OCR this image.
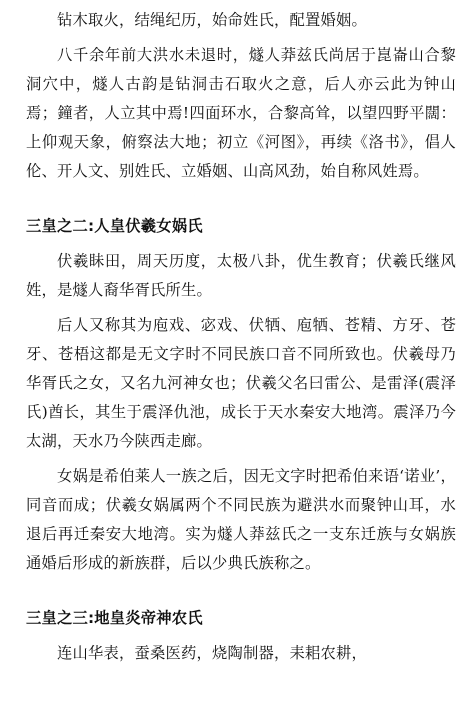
钻木取火，结绳纪历，始命姓氏，配置婚姻。

八千余年前大洪水未退时，燧人莽兹氏尚居于崑崙山合黎洞穴中，燧人古韵是钻洞击石取火之意，后人亦云此为钟山焉；鐘者，人立其中焉!四面环水，合黎高耸，以望四野平闊：上仰观天象，俯察法大地；初立《河图》，再续《洛书》，倡人伦、开人文、别姓氏、立婚姻、山高风劲，始自称风姓焉。

三皇之二:人皇伏羲女娲氏

伏羲眛田，周天历度，太极八卦，优生教育；伏羲氏继风姓，是燧人裔华胥氏所生。

后人又称其为庖戏、宓戏、伏牺、庖牺、苍精、方牙、苍牙、苍梧这都是无文字时不同民族口音不同所致也。伏羲母乃华胥氏之女，又名九河神女也；伏羲父名曰雷公、是雷泽(震泽氏)酋长，其生于震泽仇池，成长于天水秦安大地湾。震泽乃今太湖，天水乃今陕西走廊。

女娲是希伯莱人一族之后，因无文字时把希伯来语‘诺业’，同音而成；伏羲女娲属两个不同民族为避洪水而聚钟山耳，水退后再迁秦安大地湾。实为燧人莽兹氏之一支东迁族与女娲族通婚后形成的新族群，后以少典氏族称之。

三皇之三:地皇炎帝神农氏

连山华表，蚕桑医药，烧陶制器，耒耜农耕，
